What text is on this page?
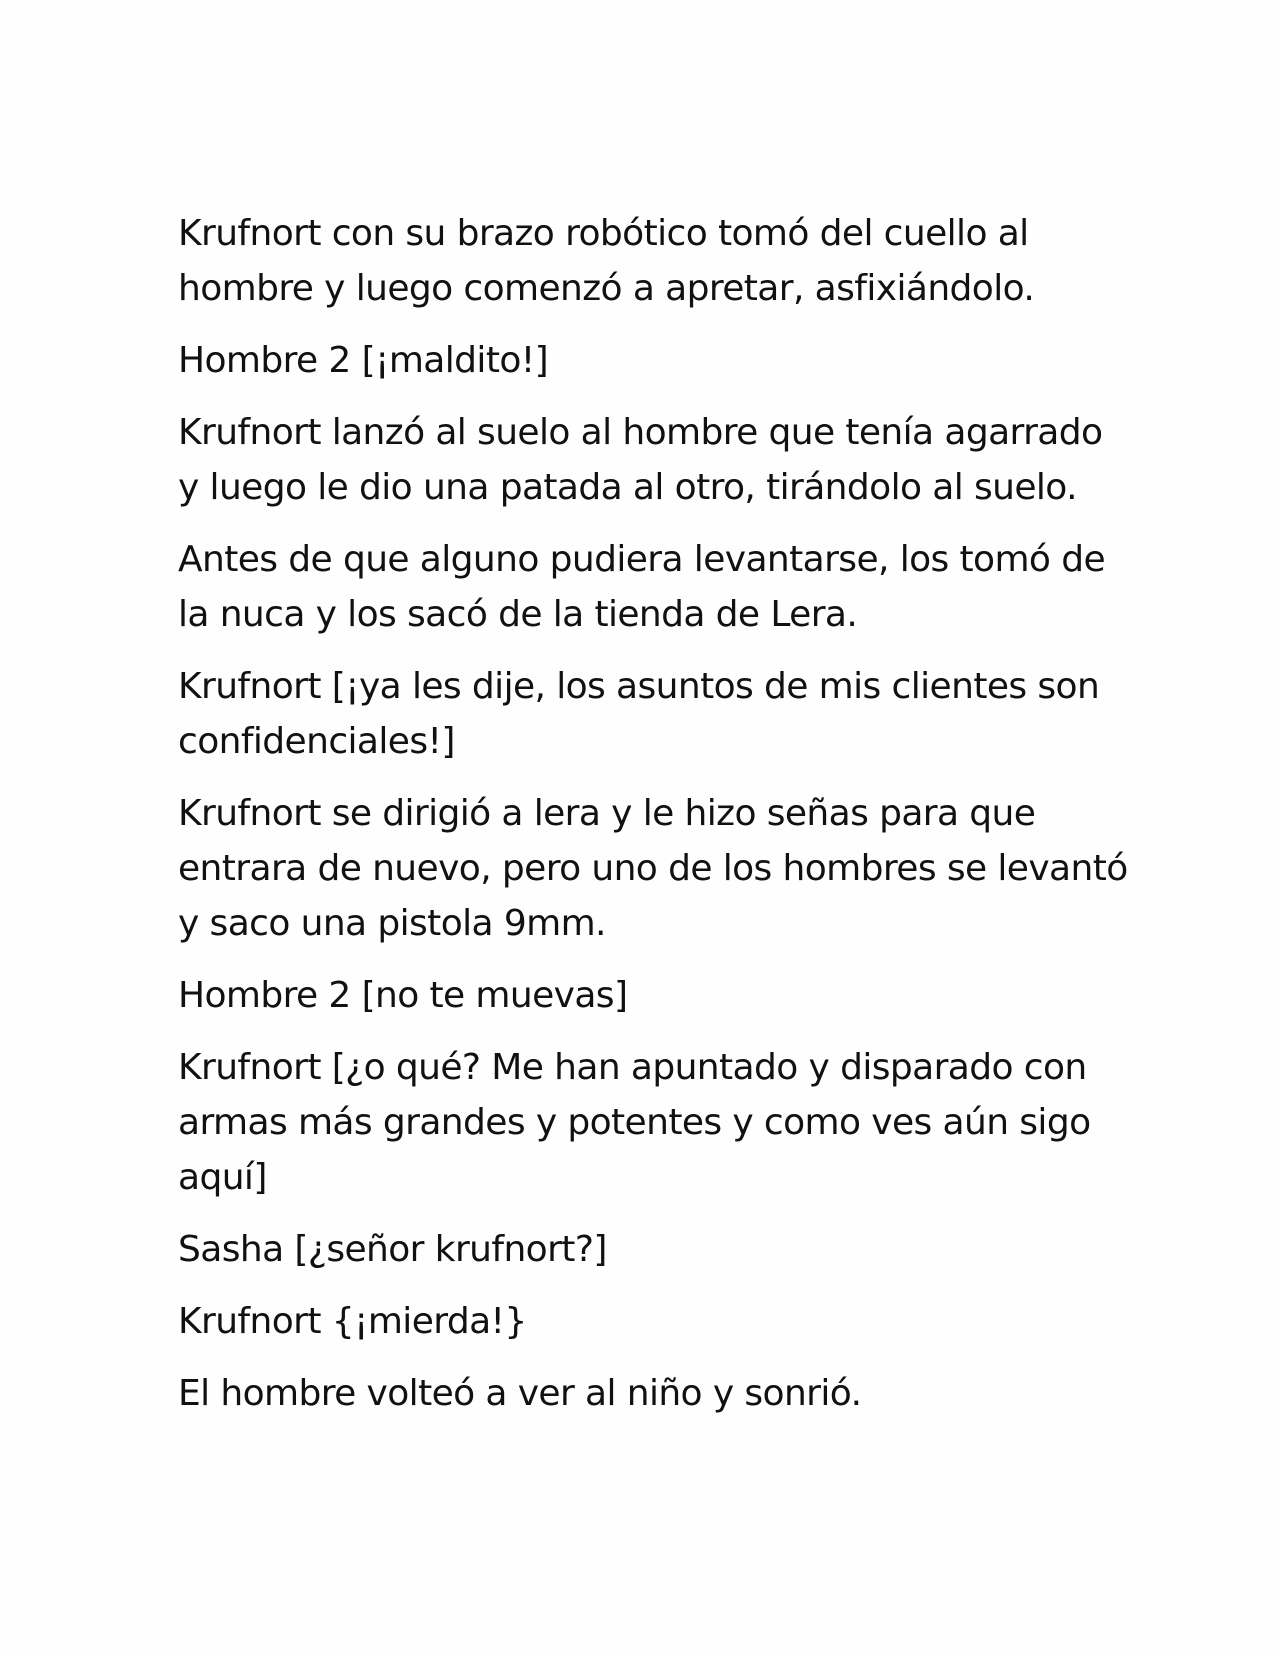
Krufnort con su brazo robótico tomó del cuello al
hombre y luego comenzó a apretar, asfixiándolo.

Hombre 2 [¡maldito!]

Krufnort lanzó al suelo al hombre que tenía agarrado
y luego le dio una patada al otro, tirándolo al suelo.

Antes de que alguno pudiera levantarse, los tomó de
la nuca y los sacó de la tienda de Lera.

Krufnort [¡ya les dije, los asuntos de mis clientes son
confidenciales!]

Krufnort se dirigió a lera y le hizo señas para que
entrara de nuevo, pero uno de los hombres se levantó
y saco una pistola 9mm.

Hombre 2 [no te muevas]

Krufnort [¿o qué? Me han apuntado y disparado con
armas más grandes y potentes y como ves aún sigo
aquí]

Sasha [¿señor krufnort?]

Krufnort {¡mierda!}

El hombre volteó a ver al niño y sonrió.
